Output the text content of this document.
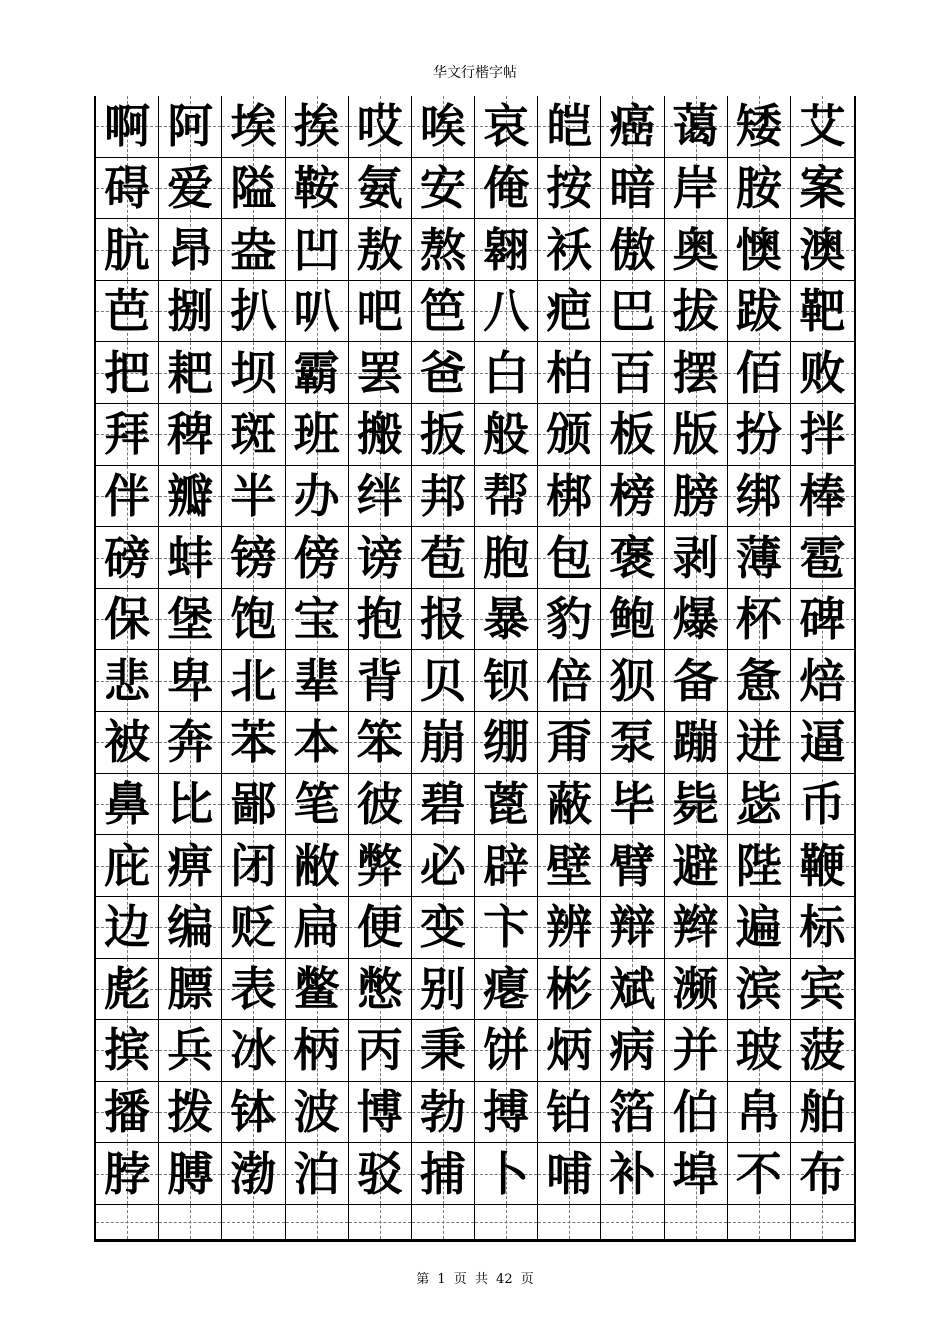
华文行楷字帖
啊 阿 埃 挨 哎 唉 哀 皑 癌 蔼 矮 艾
碍 爱 隘 鞍 氨 安 俺 按 暗 岸 胺 案
肮 昂 盎 凹 敖 熬 翱 袄 傲 奥 懊 澳
芭 捌 扒 叭 吧 笆 八 疤 巴 拔 跋 靶
把 耙 坝 霸 罢 爸 白 柏 百 摆 佰 败
拜 稗 斑 班 搬 扳 般 颁 板 版 扮 拌
伴 瓣 半 办 绊 邦 帮 梆 榜 膀 绑 棒
磅 蚌 镑 傍 谤 苞 胞 包 褒 剥 薄 雹
保 堡 饱 宝 抱 报 暴 豹 鲍 爆 杯 碑
悲 卑 北 辈 背 贝 钡 倍 狈 备 惫 焙
被 奔 苯 本 笨 崩 绷 甭 泵 蹦 迸 逼
鼻 比 鄙 笔 彼 碧 蓖 蔽 毕 毙 毖 币
庇 痹 闭 敝 弊 必 辟 壁 臂 避 陛 鞭
边 编 贬 扁 便 变 卞 辨 辩 辫 遍 标
彪 膘 表 鳖 憋 别 瘪 彬 斌 濒 滨 宾
摈 兵 冰 柄 丙 秉 饼 炳 病 并 玻 菠
播 拨 钵 波 博 勃 搏 铂 箔 伯 帛 舶
脖 膊 渤 泊 驳 捕 卜 哺 补 埠 不 布
第 1 页 共 42 页
